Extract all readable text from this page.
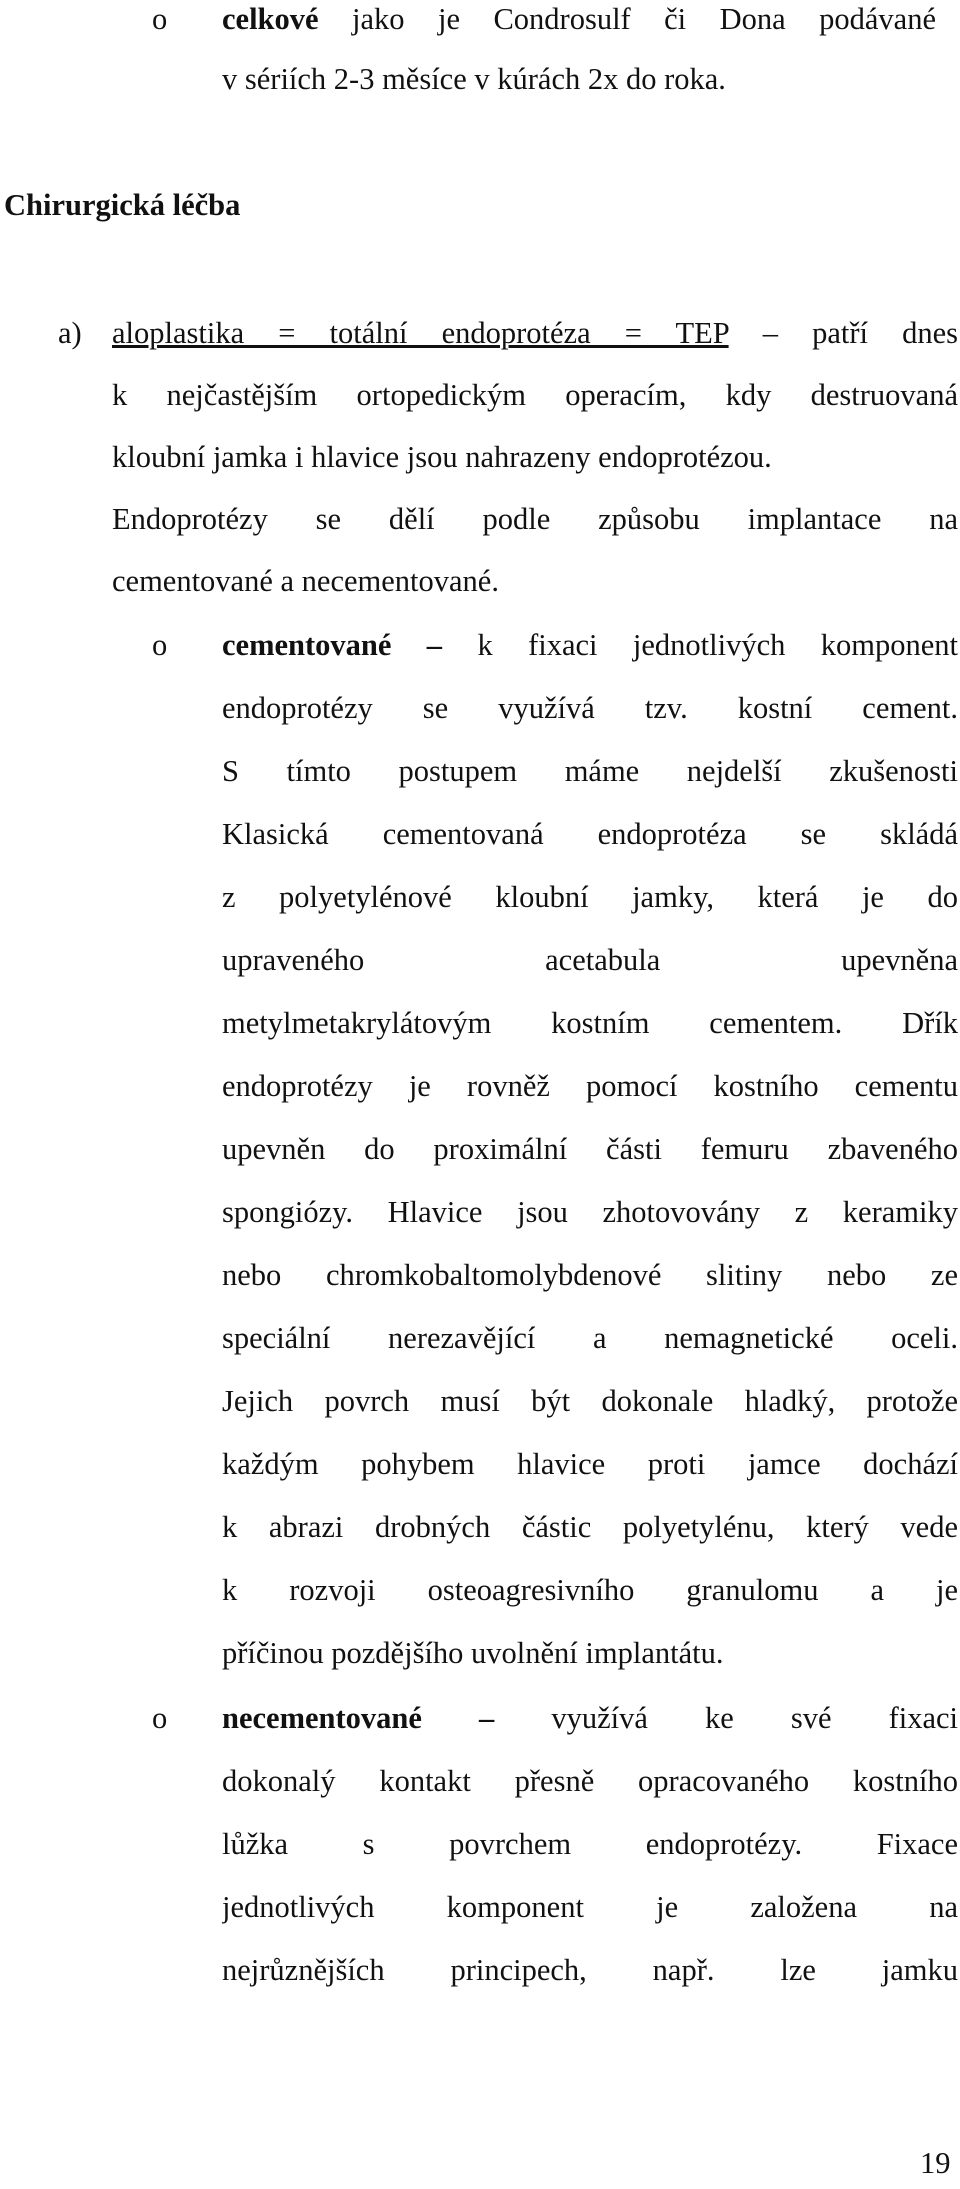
o celkové jako je Condrosulf či Dona podávané
v sériích 2-3 měsíce v kúrách 2x do roka.
Chirurgická léčba
a) aloplastika = totální endoprotéza = TEP – patří dnes
k nejčastějším ortopedickým operacím, kdy destruovaná
kloubní jamka i hlavice jsou nahrazeny endoprotézou.
Endoprotézy se dělí podle způsobu implantace na
cementované a necementované.
o cementované – k fixaci jednotlivých komponent
endoprotézy se využívá tzv. kostní cement.
S tímto postupem máme nejdelší zkušenosti
Klasická cementovaná endoprotéza se skládá
z polyetylénové kloubní jamky, která je do
upraveného acetabula upevněna
metylmetakrylátovým kostním cementem. Dřík
endoprotézy je rovněž pomocí kostního cementu
upevněn do proximální části femuru zbaveného
spongiózy. Hlavice jsou zhotovovány z keramiky
nebo chromkobaltomolybdenové slitiny nebo ze
speciální nerezavějící a nemagnetické oceli.
Jejich povrch musí být dokonale hladký, protože
každým pohybem hlavice proti jamce dochází
k abrazi drobných částic polyetylénu, který vede
k rozvoji osteoagresivního granulomu a je
příčinou pozdějšího uvolnění implantátu.
o necementované – využívá ke své fixaci
dokonalý kontakt přesně opracovaného kostního
lůžka s povrchem endoprotézy. Fixace
jednotlivých komponent je založena na
nejrůznějších principech, např. lze jamku
19
